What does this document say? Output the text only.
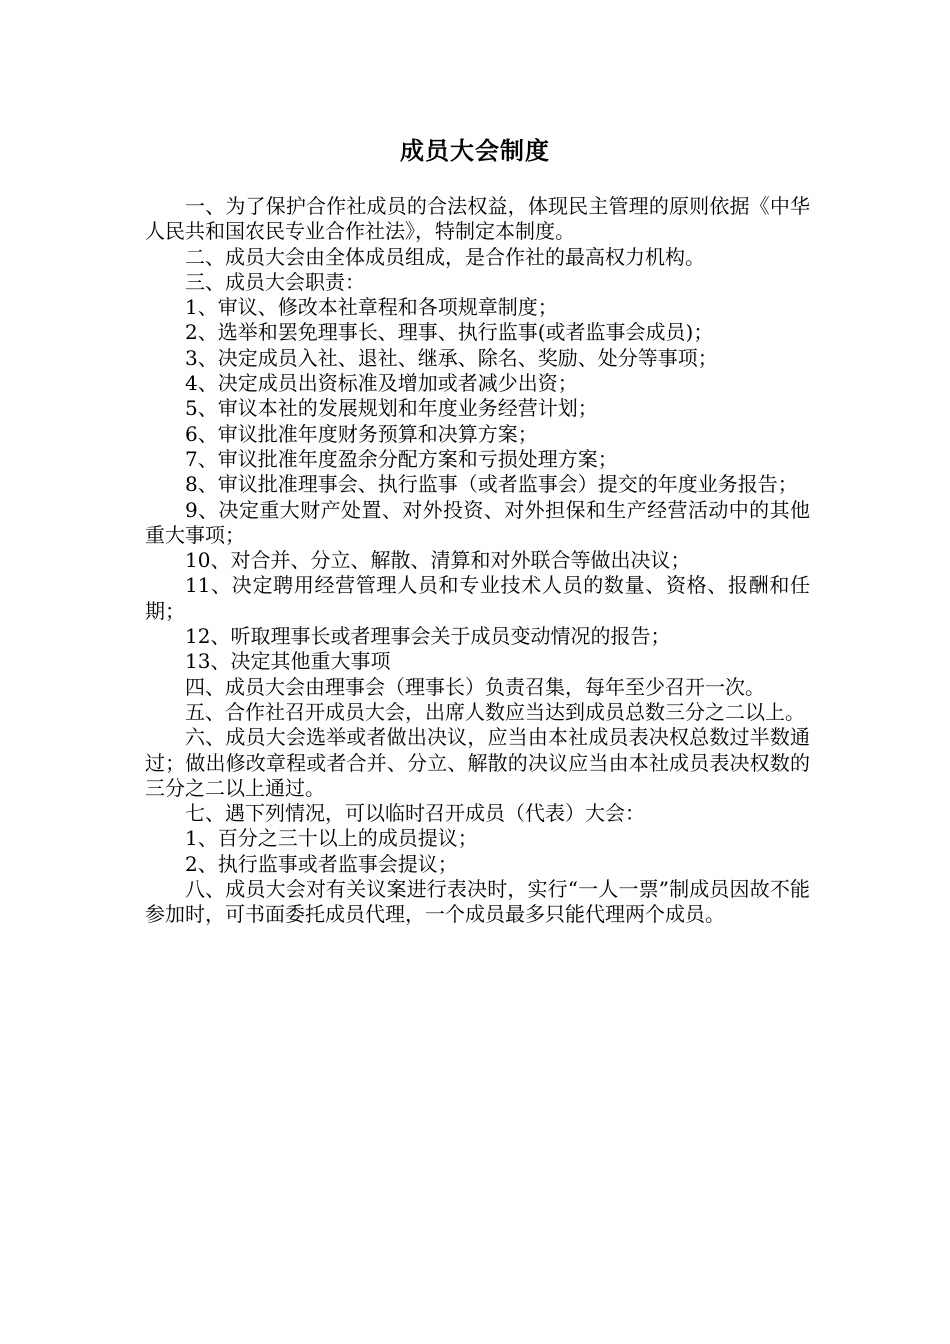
成员大会制度

一、为了保护合作社成员的合法权益，体现民主管理的原则依据《中华人民共和国农民专业合作社法》，特制定本制度。

二、成员大会由全体成员组成，是合作社的最高权力机构。

三、成员大会职责：

1、审议、修改本社章程和各项规章制度；

2、选举和罢免理事长、理事、执行监事(或者监事会成员)；

3、决定成员入社、退社、继承、除名、奖励、处分等事项；

4、决定成员出资标准及增加或者减少出资；

5、审议本社的发展规划和年度业务经营计划；

6、审议批准年度财务预算和决算方案；

7、审议批准年度盈余分配方案和亏损处理方案；

8、审议批准理事会、执行监事（或者监事会）提交的年度业务报告；

9、决定重大财产处置、对外投资、对外担保和生产经营活动中的其他重大事项；

10、对合并、分立、解散、清算和对外联合等做出决议；

11、决定聘用经营管理人员和专业技术人员的数量、资格、报酬和任期；

12、听取理事长或者理事会关于成员变动情况的报告；

13、决定其他重大事项

四、成员大会由理事会（理事长）负责召集，每年至少召开一次。

五、合作社召开成员大会，出席人数应当达到成员总数三分之二以上。

六、成员大会选举或者做出决议，应当由本社成员表决权总数过半数通过；做出修改章程或者合并、分立、解散的决议应当由本社成员表决权数的三分之二以上通过。

七、遇下列情况，可以临时召开成员（代表）大会：

1、百分之三十以上的成员提议；

2、执行监事或者监事会提议；

八、成员大会对有关议案进行表决时，实行“一人一票”制成员因故不能参加时，可书面委托成员代理，一个成员最多只能代理两个成员。
